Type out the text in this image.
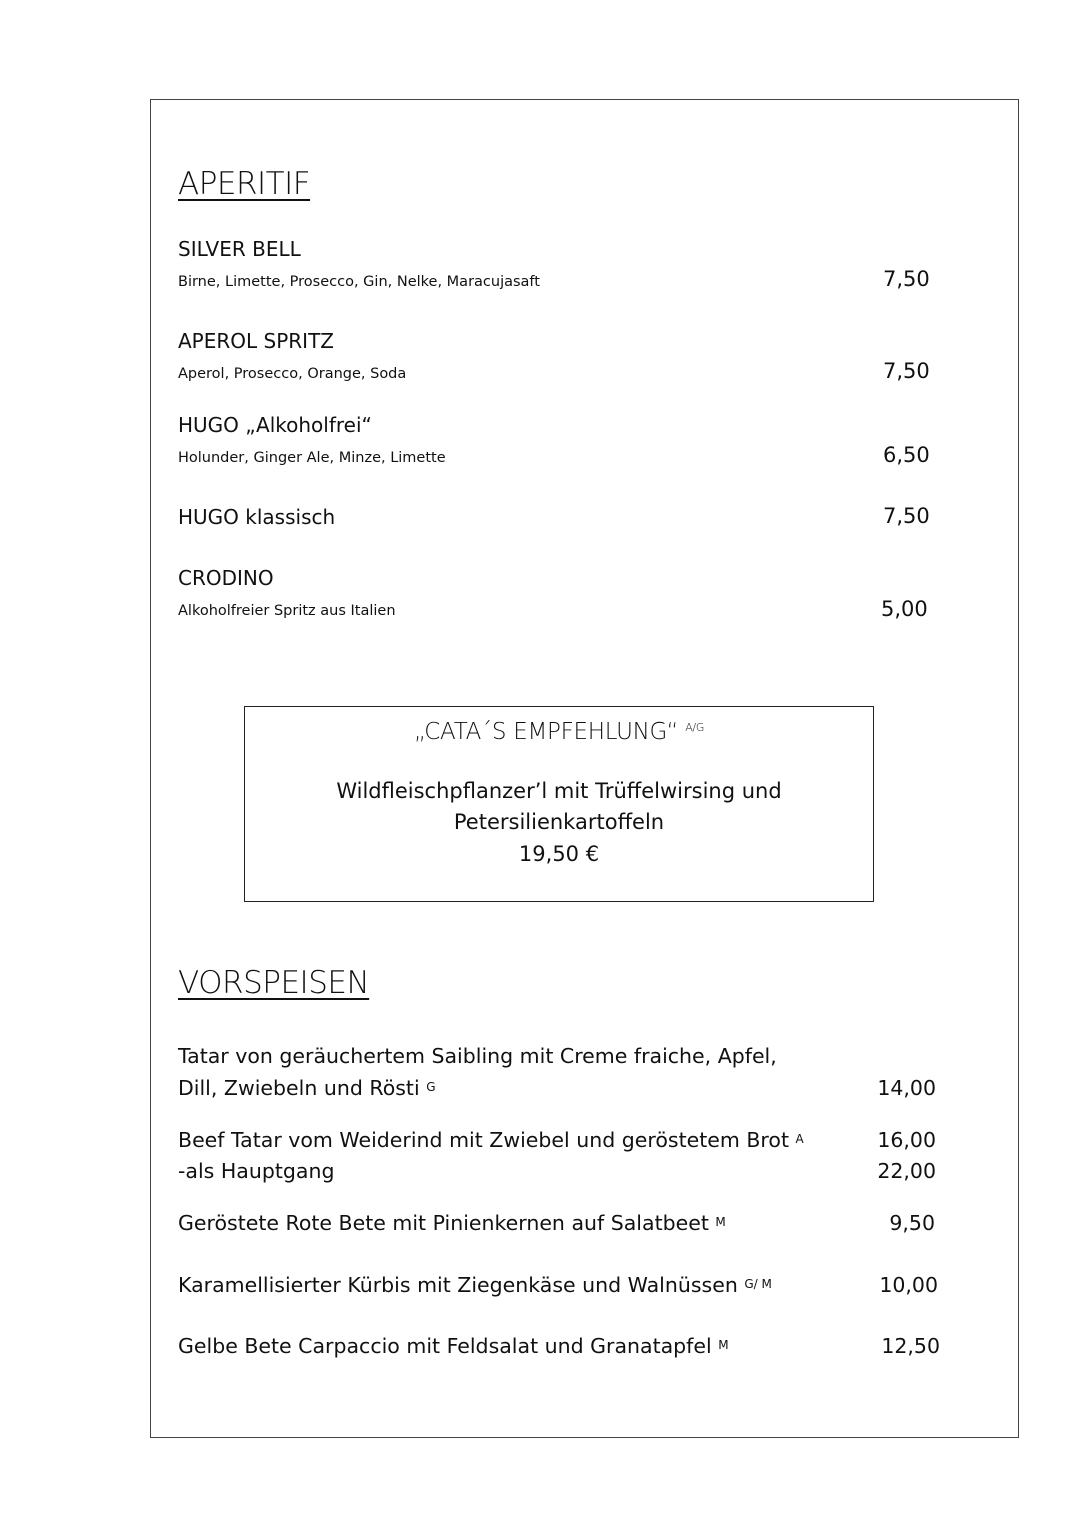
APERITIF
SILVER BELL
Birne, Limette, Prosecco, Gin, Nelke, Maracujasaft	7,50
APEROL SPRITZ
Aperol, Prosecco, Orange, Soda	7,50
HUGO „Alkoholfrei“
Holunder, Ginger Ale, Minze, Limette	6,50
HUGO klassisch	7,50
CRODINO
Alkoholfreier Spritz aus Italien	5,00
„CATA´S EMPFEHLUNG“ $^{A/G}$
Wildfleischpflanzer’l mit Trüffelwirsing und
Petersilienkartoffeln
19,50 €
VORSPEISEN
Tatar von geräuchertem Saibling mit Creme fraiche, Apfel,
Dill, Zwiebeln und Rösti $^G$	14,00
Beef Tatar vom Weiderind mit Zwiebel und geröstetem Brot $^A$	16,00
-als Hauptgang	22,00
Geröstete Rote Bete mit Pinienkernen auf Salatbeet $^M$	9,50
Karamellisierter Kürbis mit Ziegenkäse und Walnüssen $^{G/ M}$	10,00
Gelbe Bete Carpaccio mit Feldsalat und Granatapfel $^M$	12,50
